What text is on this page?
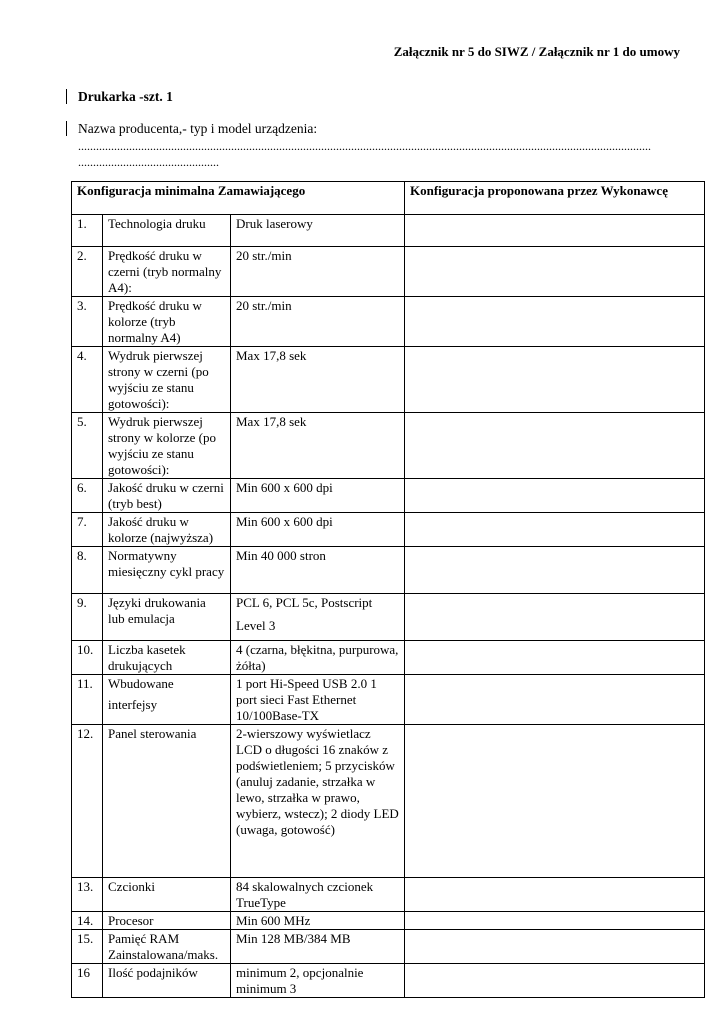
Załącznik nr 5 do SIWZ / Załącznik nr 1 do umowy
Drukarka -szt. 1
Nazwa producenta,- typ i model urządzenia:
...............................................................................................................................................................................................
...............................................
Konfiguracja minimalna Zamawiającego			Konfiguracja proponowana przez Wykonawcę
1.	Technologia druku	Druk laserowy	
2.	Prędkość druku w czerni (tryb normalny A4):	20 str./min	
3.	Prędkość druku w kolorze (tryb normalny A4)	20 str./min	
4.	Wydruk pierwszej strony w czerni (po wyjściu ze stanu gotowości):	Max 17,8 sek	
5.	Wydruk pierwszej strony w kolorze (po wyjściu ze stanu gotowości):	Max 17,8 sek	
6.	Jakość druku w czerni (tryb best)	Min 600 x 600 dpi	
7.	Jakość druku w kolorze (najwyższa)	Min 600 x 600 dpi	
8.	Normatywny miesięczny cykl pracy	Min 40 000 stron	
9.	Języki drukowania lub emulacja	PCL 6, PCL 5c, Postscript
Level 3	
10.	Liczba kasetek drukujących	4 (czarna, błękitna, purpurowa, żółta)	
11.	Wbudowane
interfejsy	1 port Hi-Speed USB 2.0 1 port sieci Fast Ethernet 10/100Base-TX	
12.	Panel sterowania	2-wierszowy wyświetlacz LCD o długości 16 znaków z podświetleniem; 5 przycisków (anuluj zadanie, strzałka w lewo, strzałka w prawo, wybierz, wstecz); 2 diody LED (uwaga, gotowość)	
13.	Czcionki	84 skalowalnych czcionek TrueType	
14.	Procesor	Min 600 MHz	
15.	Pamięć RAM Zainstalowana/maks.	Min 128 MB/384 MB	
16	Ilość podajników	minimum 2, opcjonalnie minimum 3	
